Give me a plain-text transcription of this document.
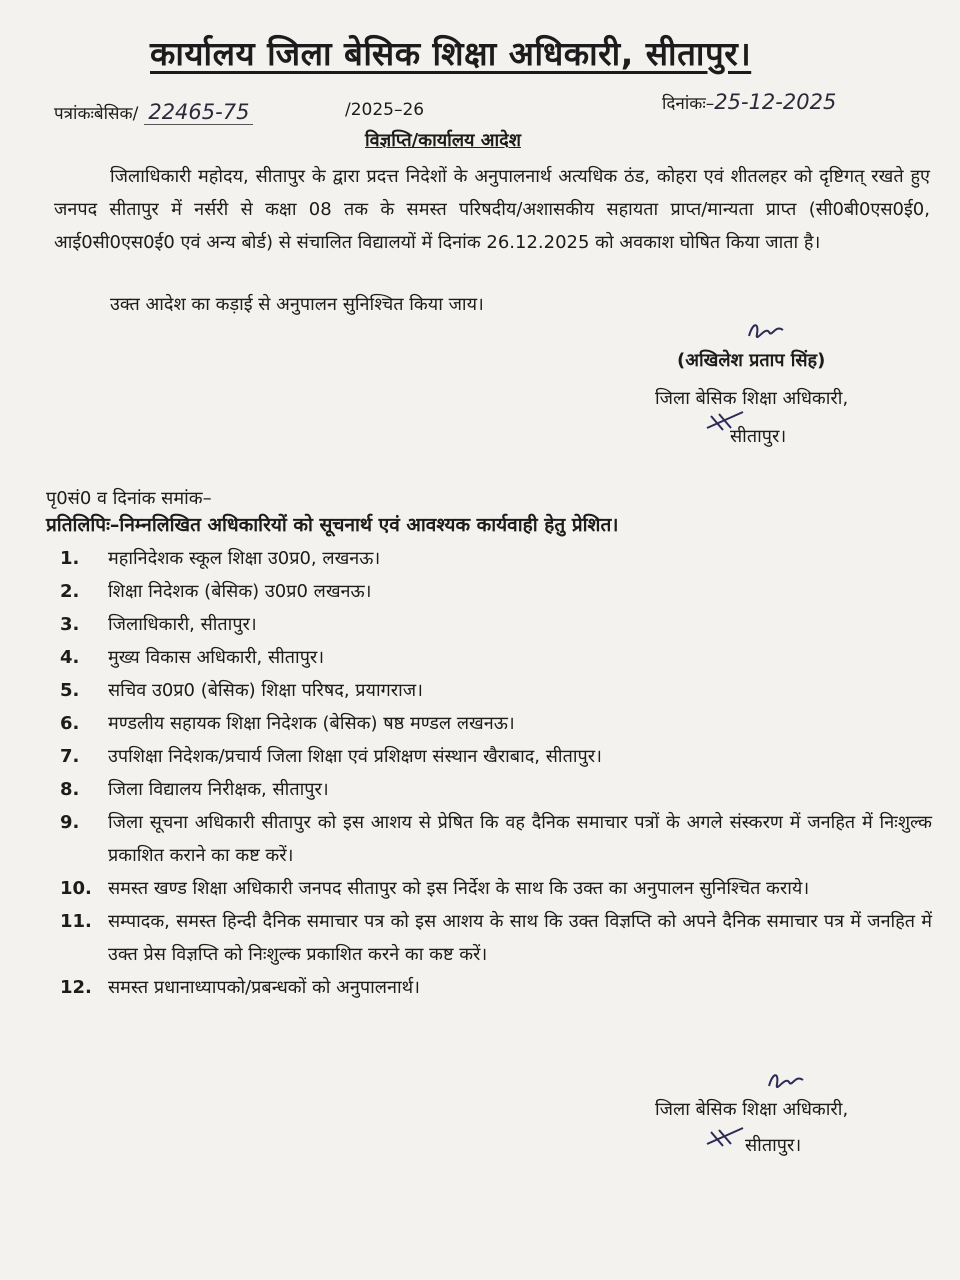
कार्यालय जिला बेसिक शिक्षा अधिकारी, सीतापुर।
पत्रांकःबेसिक/ 22465-75	/2025–26	दिनांकः–25-12-2025
विज्ञप्ति/कार्यालय आदेश

जिलाधिकारी महोदय, सीतापुर के द्वारा प्रदत्त निदेशों के अनुपालनार्थ अत्यधिक ठंड, कोहरा एवं शीतलहर को दृष्टिगत् रखते हुए जनपद सीतापुर में नर्सरी से कक्षा 08 तक के समस्त परिषदीय/अशासकीय सहायता प्राप्त/मान्यता प्राप्त (सी0बी0एस0ई0, आई0सी0एस0ई0 एवं अन्य बोर्ड) से संचालित विद्यालयों में दिनांक 26.12.2025 को अवकाश घोषित किया जाता है।

उक्त आदेश का कड़ाई से अनुपालन सुनिश्चित किया जाय।

(अखिलेश प्रताप सिंह)
जिला बेसिक शिक्षा अधिकारी,
सीतापुर।
पृ0सं0 व दिनांक समांक–
प्रतिलिपिः–निम्नलिखित अधिकारियों को सूचनार्थ एवं आवश्यक कार्यवाही हेतु प्रेशित।
1.	महानिदेशक स्कूल शिक्षा उ0प्र0, लखनऊ।
2.	शिक्षा निदेशक (बेसिक) उ0प्र0 लखनऊ।
3.	जिलाधिकारी, सीतापुर।
4.	मुख्य विकास अधिकारी, सीतापुर।
5.	सचिव उ0प्र0 (बेसिक) शिक्षा परिषद, प्रयागराज।
6.	मण्डलीय सहायक शिक्षा निदेशक (बेसिक) षष्ठ मण्डल लखनऊ।
7.	उपशिक्षा निदेशक/प्रचार्य जिला शिक्षा एवं प्रशिक्षण संस्थान खैराबाद, सीतापुर।
8.	जिला विद्यालय निरीक्षक, सीतापुर।
9.	जिला सूचना अधिकारी सीतापुर को इस आशय से प्रेषित कि वह दैनिक समाचार पत्रों के अगले संस्करण में जनहित में निःशुल्क प्रकाशित कराने का कष्ट करें।
10. समस्त खण्ड शिक्षा अधिकारी जनपद सीतापुर को इस निर्देश के साथ कि उक्त का अनुपालन सुनिश्चित कराये।
11. सम्पादक, समस्त हिन्दी दैनिक समाचार पत्र को इस आशय के साथ कि उक्त विज्ञप्ति को अपने दैनिक समाचार पत्र में जनहित में उक्त प्रेस विज्ञप्ति को निःशुल्क प्रकाशित करने का कष्ट करें।
12. समस्त प्रधानाध्यापको/प्रबन्धकों को अनुपालनार्थ।
जिला बेसिक शिक्षा अधिकारी,
सीतापुर।
